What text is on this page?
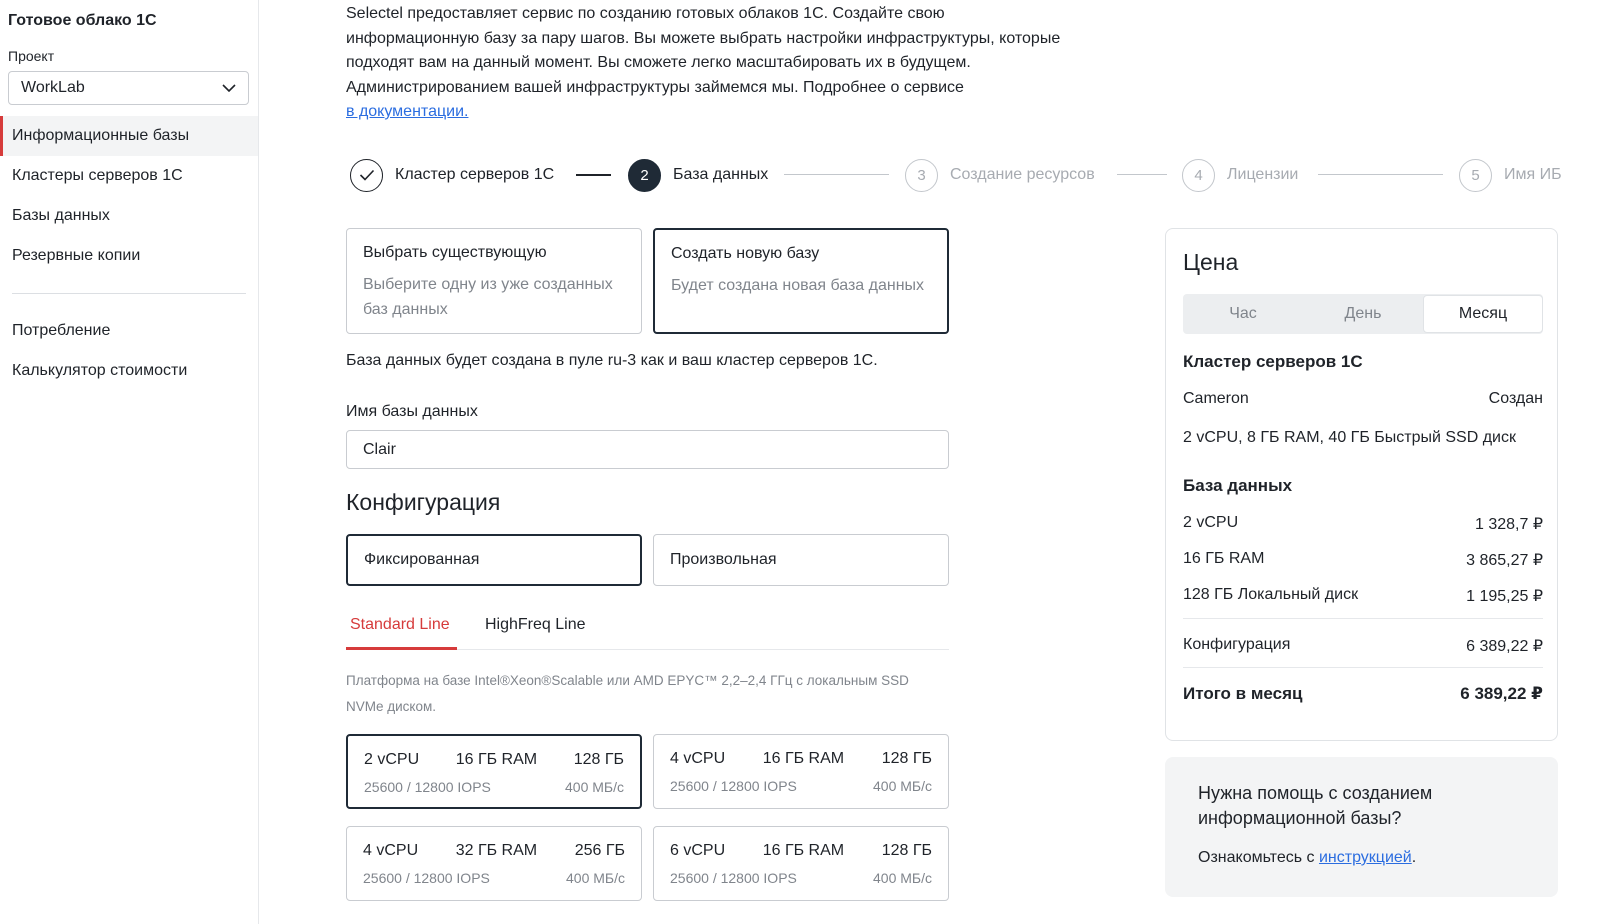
Готовое облако 1С
Проект
WorkLab
Информационные базы
Кластеры серверов 1С
Базы данных
Резервные копии
Потребление
Калькулятор стоимости

Selectel предоставляет сервис по созданию готовых облаков 1С. Создайте свою информационную базу за пару шагов. Вы можете выбрать настройки инфраструктуры, которые подходят вам на данный момент. Вы сможете легко масштабировать их в будущем. Администрированием вашей инфраструктуры займемся мы. Подробнее о сервисе
в документации.

Кластер серверов 1С	2	База данных	3	Создание ресурсов	4	Лицензии	5	Имя ИБ
Выбрать существующую
Выберите одну из уже созданных баз данных
Создать новую базу
Будет создана новая база данных
База данных будет создана в пуле ru-3 как и ваш кластер серверов 1С.
Имя базы данных
Clair
Конфигурация
Фиксированная	Произвольная
Standard Line HighFreq Line
Платформа на базе Intel®Xeon®Scalable или AMD EPYC™ 2,2–2,4 ГГц с локальным SSD NVMe диском.
2 vCPU 16 ГБ RAM 128 ГБ
25600 / 12800 IOPS	400 МБ/с
4 vCPU 16 ГБ RAM 128 ГБ
25600 / 12800 IOPS	400 МБ/с
4 vCPU 32 ГБ RAM 256 ГБ
25600 / 12800 IOPS	400 МБ/с
6 vCPU 16 ГБ RAM 128 ГБ
25600 / 12800 IOPS	400 МБ/с
Цена
Час	День	Месяц
Кластер серверов 1С
Cameron	Создан
2 vCPU, 8 ГБ RAM, 40 ГБ Быстрый SSD диск
База данных
2 vCPU	1 328,7 ₽
16 ГБ RAM	3 865,27 ₽
128 ГБ Локальный диск	1 195,25 ₽
Конфигурация	6 389,22 ₽
Итого в месяц	6 389,22 ₽
Нужна помощь с созданием информационной базы?
Ознакомьтесь с инструкцией.
